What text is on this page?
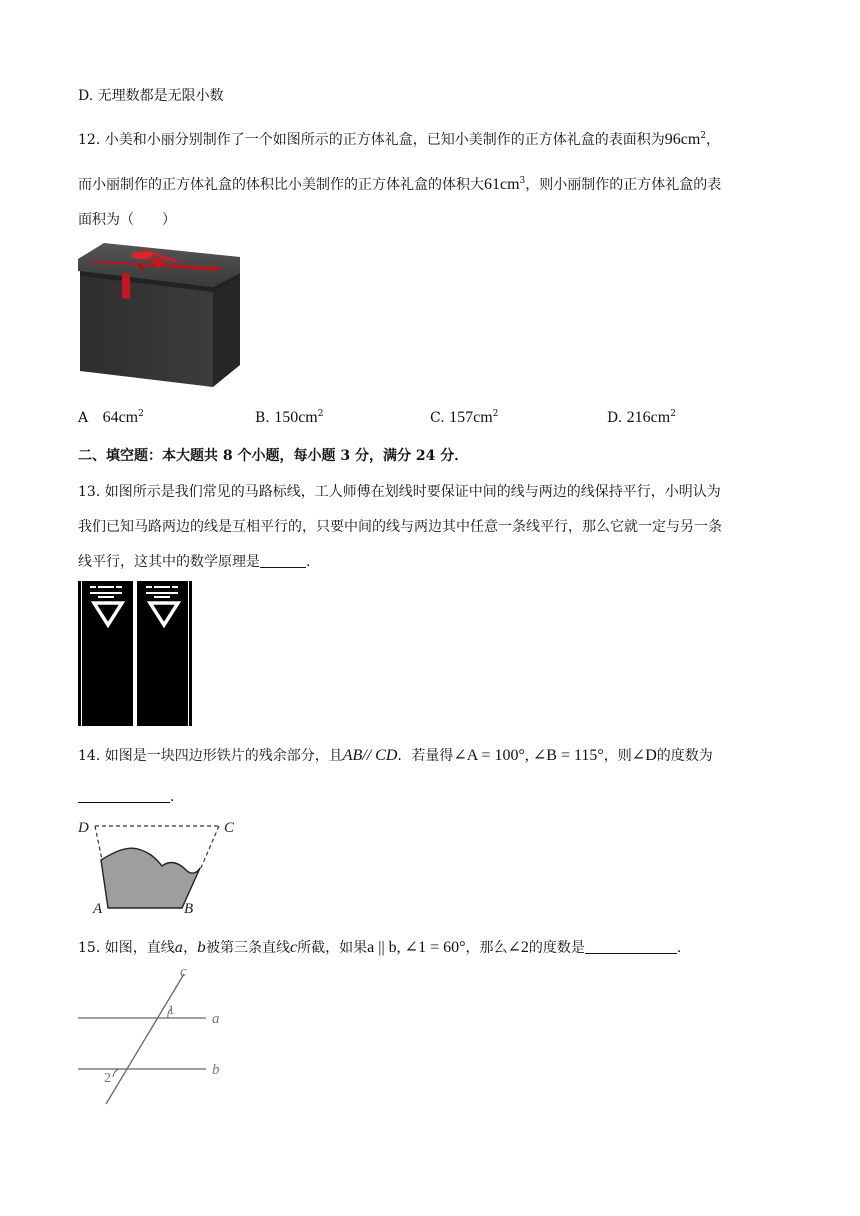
D. 无理数都是无限小数
12. 小美和小丽分别制作了一个如图所示的正方体礼盒，已知小美制作的正方体礼盒的表面积为$96cm^2$，
而小丽制作的正方体礼盒的体积比小美制作的正方体礼盒的体积大$61cm^3$，则小丽制作的正方体礼盒的表
面积为（　　）
A $64cm^2$	B. $150cm^2$	C. $157cm^2$	D. $216cm^2$
二、填空题：本大题共 8 个小题，每小题 3 分，满分 24 分．
13. 如图所示是我们常见的马路标线，工人师傅在划线时要保证中间的线与两边的线保持平行，小明认为
我们已知马路两边的线是互相平行的，只要中间的线与两边其中任意一条线平行，那么它就一定与另一条
线平行，这其中的数学原理是	.
14. 如图是一块四边形铁片的残余部分，且AB// CD．若量得∠A = 100°, ∠B = 115°，则∠D的度数为
.
D	C
A	B
15. 如图，直线a，b被第三条直线c所截，如果a || b, ∠1 = 60°，那么∠2的度数是	.
c
a
b
1
2
